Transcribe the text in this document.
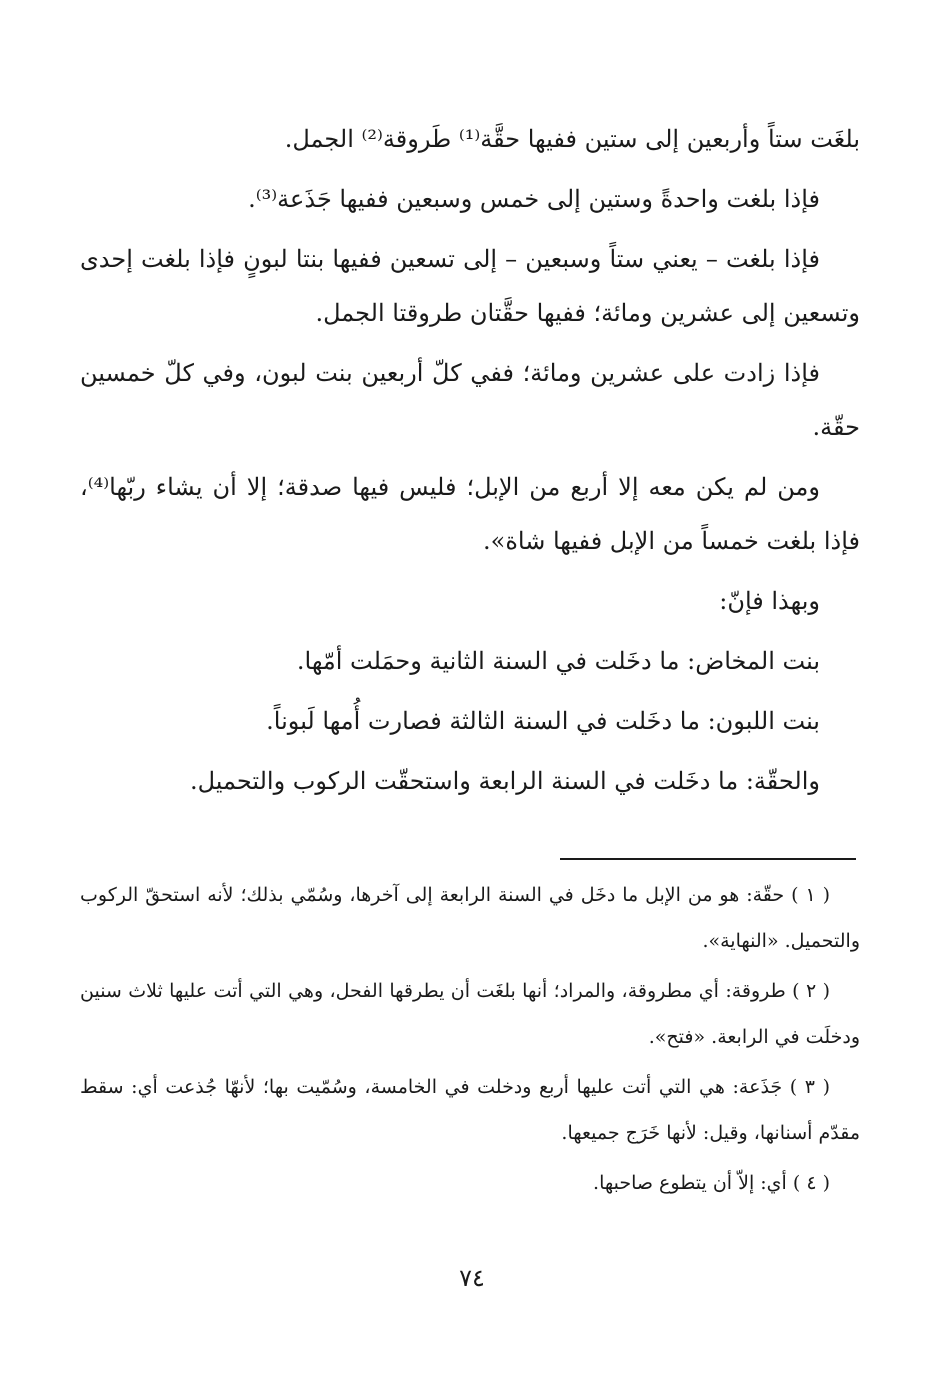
بلغَت ستاً وأربعين إلى ستين ففيها حقَّة⁽¹⁾ طَروقة⁽²⁾ الجمل.

فإذا بلغت واحدةً وستين إلى خمس وسبعين ففيها جَذَعة⁽³⁾.

فإذا بلغت – يعني ستاً وسبعين – إلى تسعين ففيها بنتا لبونٍ فإذا بلغت إحدى وتسعين إلى عشرين ومائة؛ ففيها حقَّتان طروقتا الجمل.

فإذا زادت على عشرين ومائة؛ ففي كلّ أربعين بنت لبون، وفي كلّ خمسين حقّة.

ومن لم يكن معه إلا أربع من الإبل؛ فليس فيها صدقة؛ إلا أن يشاء ربّها⁽⁴⁾، فإذا بلغت خمساً من الإبل ففيها شاة».

وبهذا فإنّ:

بنت المخاض: ما دخَلت في السنة الثانية وحمَلت أمّها.

بنت اللبون: ما دخَلت في السنة الثالثة فصارت أُمها لَبوناً.

والحقّة: ما دخَلت في السنة الرابعة واستحقّت الركوب والتحميل.

( ١ ) حقّة: هو من الإبل ما دخَل في السنة الرابعة إلى آخرها، وسُمّي بذلك؛ لأنه استحقّ الركوب والتحميل. «النهاية».

( ٢ ) طروقة: أي مطروقة، والمراد؛ أنها بلغَت أن يطرقها الفحل، وهي التي أتت عليها ثلاث سنين ودخلَت في الرابعة. «فتح».

( ٣ ) جَذَعة: هي التي أتت عليها أربع ودخلت في الخامسة، وسُمّيت بها؛ لأنهّا جُذعت أي: سقط مقدّم أسنانها، وقيل: لأنها خَرَج جميعها.

( ٤ ) أي: إلاّ أن يتطوع صاحبها.

٧٤
